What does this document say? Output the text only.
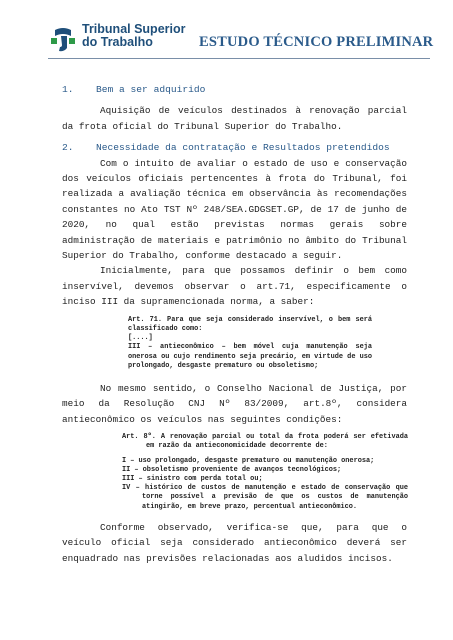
Tribunal Superior
do Trabalho	ESTUDO TÉCNICO PRELIMINAR
1. Bem a ser adquirido

Aquisição de veículos destinados à renovação parcial da frota oficial do Tribunal Superior do Trabalho.

2. Necessidade da contratação e Resultados pretendidos

Com o intuito de avaliar o estado de uso e conservação dos veículos oficiais pertencentes à frota do Tribunal, foi realizada a avaliação técnica em observância às recomendações constantes no Ato TST Nº 248/SEA.GDGSET.GP, de 17 de junho de 2020, no qual estão previstas normas gerais sobre administração de materiais e patrimônio no âmbito do Tribunal Superior do Trabalho, conforme destacado a seguir.

Inicialmente, para que possamos definir o bem como inservível, devemos observar o art.71, especificamente o inciso III da supramencionada norma, a saber:

Art. 71. Para que seja considerado inservível, o bem será classificado como:
[....]
III – antieconômico – bem móvel cuja manutenção seja onerosa ou cujo rendimento seja precário, em virtude de uso prolongado, desgaste prematuro ou obsoletismo;

No mesmo sentido, o Conselho Nacional de Justiça, por meio da Resolução CNJ Nº 83/2009, art.8º, considera antieconômico os veículos nas seguintes condições:

Art. 8º. A renovação parcial ou total da frota poderá ser efetivada em razão da antieconomicidade decorrente de:
I – uso prolongado, desgaste prematuro ou manutenção onerosa;
II – obsoletismo proveniente de avanços tecnológicos;
III – sinistro com perda total ou;
IV – histórico de custos de manutenção e estado de conservação que torne possível a previsão de que os custos de manutenção atingirão, em breve prazo, percentual antieconômico.

Conforme observado, verifica-se que, para que o veículo oficial seja considerado antieconômico deverá ser enquadrado nas previsões relacionadas aos aludidos incisos.
